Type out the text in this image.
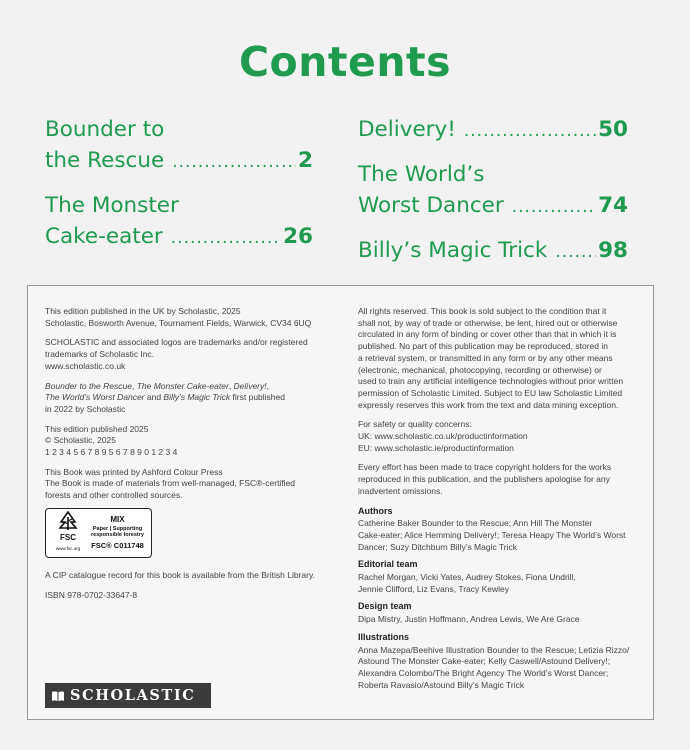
Contents
Bounder to
the Rescue .....	2
The Monster
Cake-eater .....	26
Delivery! .....	50
The World’s
Worst Dancer .....	74
Billy’s Magic Trick ..... 98

This edition published in the UK by Scholastic, 2025
Scholastic, Bosworth Avenue, Tournament Fields, Warwick, CV34 6UQ

SCHOLASTIC and associated logos are trademarks and/or registered
trademarks of Scholastic Inc.
www.scholastic.co.uk

Bounder to the Rescue, The Monster Cake-eater, Delivery!,
The World’s Worst Dancer and Billy’s Magic Trick first published
in 2022 by Scholastic

This edition published 2025
© Scholastic, 2025
1 2 3 4 5 6 7 8 9 5 6 7 8 9 0 1 2 3 4

This Book was printed by Ashford Colour Press
The Book is made of materials from well-managed, FSC®-certified
forests and other controlled sources.

FSC
www.fsc.org
MIX
Paper | Supporting
responsible forestry
FSC® C011748

A CIP catalogue record for this book is available from the British Library.

ISBN 978-0702-33647-8

SCHOLASTIC

All rights reserved. This book is sold subject to the condition that it
shall not, by way of trade or otherwise, be lent, hired out or otherwise
circulated in any form of binding or cover other than that in which it is
published. No part of this publication may be reproduced, stored in
a retrieval system, or transmitted in any form or by any other means
(electronic, mechanical, photocopying, recording or otherwise) or
used to train any artificial intelligence technologies without prior written
permission of Scholastic Limited. Subject to EU law Scholastic Limited
expressly reserves this work from the text and data mining exception.

For safety or quality concerns:
UK: www.scholastic.co.uk/productinformation
EU: www.scholastic.ie/productinformation

Every effort has been made to trace copyright holders for the works
reproduced in this publication, and the publishers apologise for any
inadvertent omissions.

Authors
Catherine Baker Bounder to the Rescue; Ann Hill The Monster
Cake-eater; Alice Hemming Delivery!; Teresa Heapy The World’s Worst
Dancer; Suzy Ditchburn Billy’s Magic Trick
Editorial team
Rachel Morgan, Vicki Yates, Audrey Stokes, Fiona Undrill,
Jennie Clifford, Liz Evans, Tracy Kewley
Design team
Dipa Mistry, Justin Hoffmann, Andrea Lewis, We Are Grace
Illustrations
Anna Mazepa/Beehive Illustration Bounder to the Rescue; Letizia Rizzo/
Astound The Monster Cake-eater; Kelly Caswell/Astound Delivery!;
Alexandra Colombo/The Bright Agency The World’s Worst Dancer;
Roberta Ravasio/Astound Billy’s Magic Trick
